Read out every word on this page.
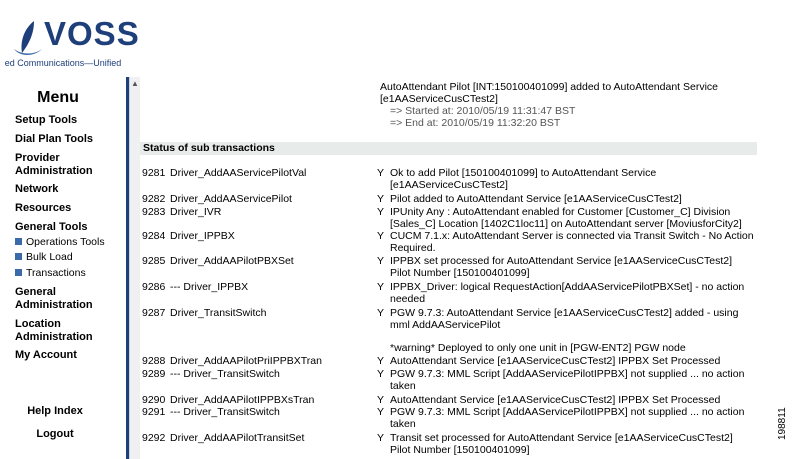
VOSS
ed Communications—Unified
Menu
Setup Tools
Dial Plan Tools
Provider Administration
Network
Resources
General Tools
Operations Tools
Bulk Load
Transactions
General Administration
Location Administration
My Account
Help Index
Logout
▲	AutoAttendant Pilot [INT:150100401099] added to AutoAttendant Service [e1AAServiceCusCTest2]
=> Started at: 2010/05/19 11:31:47 BST
=> End at: 2010/05/19 11:32:20 BST
Status of sub transactions
9281 Driver_AddAAServicePilotVal	Y Ok to add Pilot [150100401099] to AutoAttendant Service [e1AAServiceCusCTest2]
9282 Driver_AddAAServicePilot	Y Pilot added to AutoAttendant Service [e1AAServiceCusCTest2]
9283 Driver_IVR	Y IPUnity Any : AutoAttendant enabled for Customer [Customer_C] Division [Sales_C] Location [1402C1loc11] on AutoAttendant server [MoviusforCity2]
9284 Driver_IPPBX	Y CUCM 7.1.x: AutoAttendant Server is connected via Transit Switch - No Action Required.
9285 Driver_AddAAPilotPBXSet	Y IPPBX set processed for AutoAttendant Service [e1AAServiceCusCTest2] Pilot Number [150100401099]
9286 --- Driver_IPPBX	Y IPPBX_Driver: logical RequestAction[AddAAServicePilotPBXSet] - no action needed
9287 Driver_TransitSwitch	Y PGW 9.7.3: AutoAttendant Service [e1AAServiceCusCTest2] added - using mml AddAAServicePilot
*warning* Deployed to only one unit in [PGW-ENT2] PGW node
9288 Driver_AddAAPilotPriIPPBXTran	Y AutoAttendant Service [e1AAServiceCusCTest2] IPPBX Set Processed
9289 --- Driver_TransitSwitch	Y PGW 9.7.3: MML Script [AddAAServicePilotIPPBX] not supplied ... no action taken
9290 Driver_AddAAPilotIPPBXsTran	Y AutoAttendant Service [e1AAServiceCusCTest2] IPPBX Set Processed
9291 --- Driver_TransitSwitch	Y PGW 9.7.3: MML Script [AddAAServicePilotIPPBX] not supplied ... no action taken
9292 Driver_AddAAPilotTransitSet	Y Transit set processed for AutoAttendant Service [e1AAServiceCusCTest2] Pilot Number [150100401099]
198811
